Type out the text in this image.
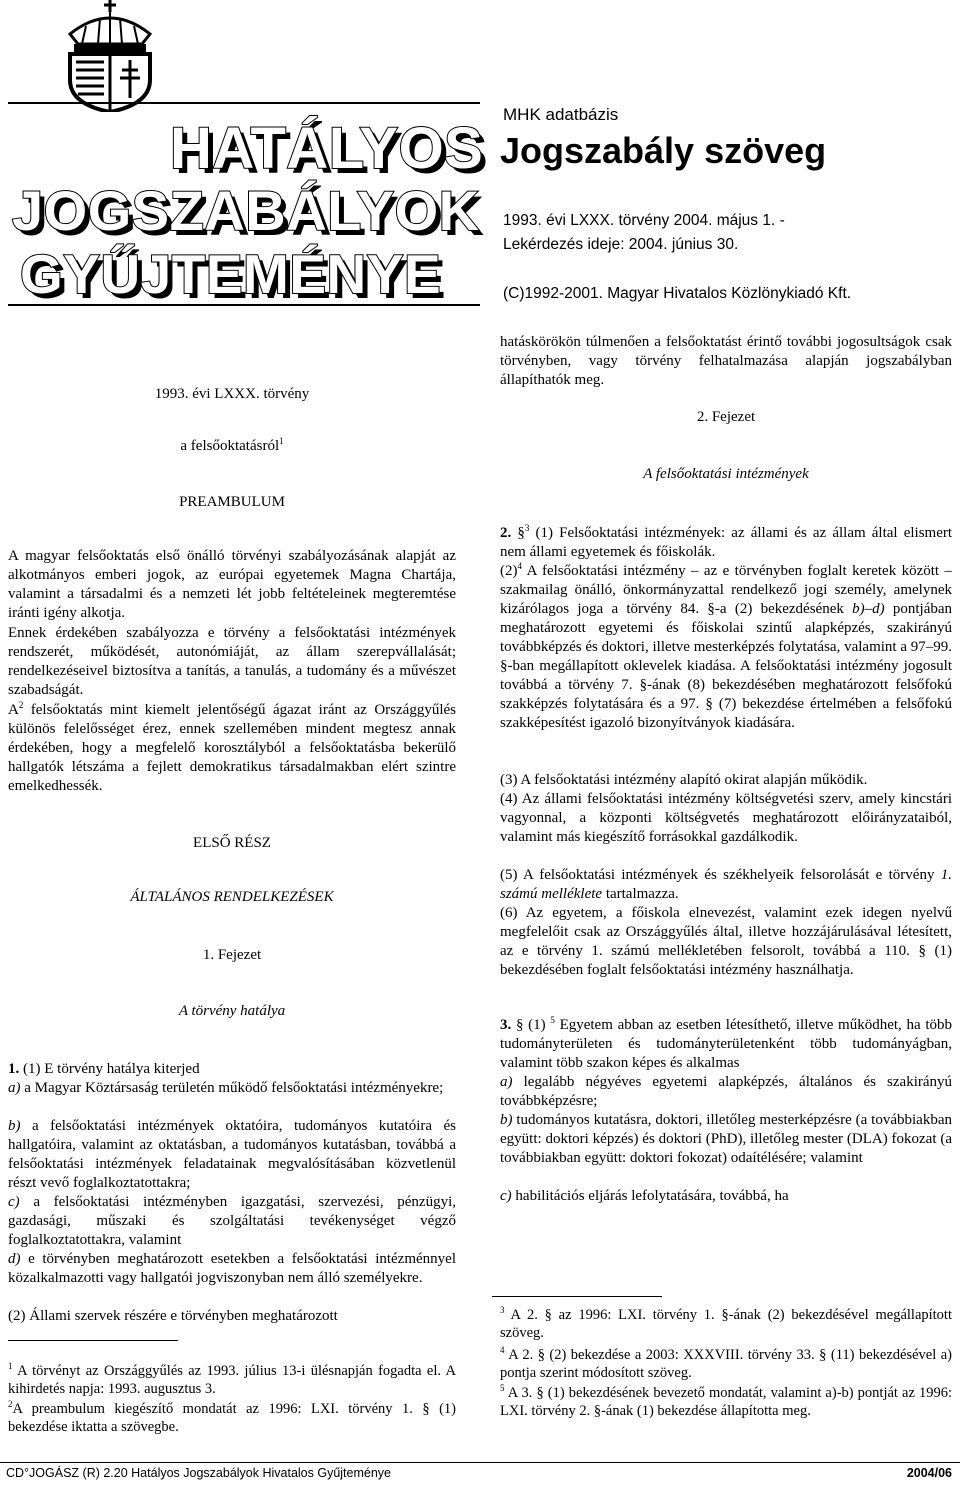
HATÁLYOS
JOGSZABÁLYOK
GYŰJTEMÉNYE
MHK adatbázis
Jogszabály szöveg
1993. évi LXXX. törvény 2004. május 1. -
Lekérdezés ideje: 2004. június 30.
(C)1992-2001. Magyar Hivatalos Közlönykiadó Kft.
1993. évi LXXX. törvény
a felsőoktatásról$^1$
PREAMBULUM
A magyar felsőoktatás első önálló törvényi szabályozásának alapját az alkotmányos emberi jogok, az európai egyetemek Magna Chartája, valamint a társadalmi és a nemzeti lét jobb feltételeinek megteremtése iránti igény alkotja.
Ennek érdekében szabályozza e törvény a felsőoktatási intézmények rendszerét, működését, autonómiáját, az állam szerepvállalását; rendelkezéseivel biztosítva a tanítás, a tanulás, a tudomány és a művészet szabadságát.
$A^2$ felsőoktatás mint kiemelt jelentőségű ágazat iránt az Országgyűlés különös felelősséget érez, ennek szellemében mindent megtesz annak érdekében, hogy a megfelelő korosztályból a felsőoktatásba bekerülő hallgatók létszáma a fejlett demokratikus társadalmakban elért szintre emelkedhessék.
ELSŐ RÉSZ
ÁLTALÁNOS RENDELKEZÉSEK
1. Fejezet
A törvény hatálya
1. (1) E törvény hatálya kiterjed
a) a Magyar Köztársaság területén működő felsőoktatási intézményekre;
b) a felsőoktatási intézmények oktatóira, tudományos kutatóira és hallgatóira, valamint az oktatásban, a tudományos kutatásban, továbbá a felsőoktatási intézmények feladatainak megvalósításában közvetlenül részt vevő foglalkoztatottakra;
c) a felsőoktatási intézményben igazgatási, szervezési, pénzügyi, gazdasági, műszaki és szolgáltatási tevékenységet végző foglalkoztatottakra, valamint
d) e törvényben meghatározott esetekben a felsőoktatási intézménnyel közalkalmazotti vagy hallgatói jogviszonyban nem álló személyekre.
(2) Állami szervek részére e törvényben meghatározott
$^1$ A törvényt az Országgyűlés az 1993. július 13-i ülésnapján fogadta el. A kihirdetés napja: 1993. augusztus 3.
$^2$A preambulum kiegészítő mondatát az 1996: LXI. törvény 1. § (1) bekezdése iktatta a szövegbe.
hatáskörökön túlmenően a felsőoktatást érintő további jogosultságok csak törvényben, vagy törvény felhatalmazása alapján jogszabályban állapíthatók meg.
2. Fejezet
A felsőoktatási intézmények
2. §$^3$ (1) Felsőoktatási intézmények: az állami és az állam által elismert nem állami egyetemek és főiskolák.
$(2)^4$ A felsőoktatási intézmény – az e törvényben foglalt keretek között – szakmailag önálló, önkormányzattal rendelkező jogi személy, amelynek kizárólagos joga a törvény 84. §-a (2) bekezdésének b)–d) pontjában meghatározott egyetemi és főiskolai szintű alapképzés, szakirányú továbbképzés és doktori, illetve mesterképzés folytatása, valamint a 97–99. §-ban megállapított oklevelek kiadása. A felsőoktatási intézmény jogosult továbbá a törvény 7. §-ának (8) bekezdésében meghatározott felsőfokú szakképzés folytatására és a 97. § (7) bekezdése értelmében a felsőfokú szakképesítést igazoló bizonyítványok kiadására.
(3) A felsőoktatási intézmény alapító okirat alapján működik.
(4) Az állami felsőoktatási intézmény költségvetési szerv, amely kincstári vagyonnal, a központi költségvetés meghatározott előirányzataiból, valamint más kiegészítő forrásokkal gazdálkodik.
(5) A felsőoktatási intézmények és székhelyeik felsorolását e törvény 1. számú melléklete tartalmazza.
(6) Az egyetem, a főiskola elnevezést, valamint ezek idegen nyelvű megfelelőit csak az Országgyűlés által, illetve hozzájárulásával létesített, az e törvény 1. számú mellékletében felsorolt, továbbá a 110. § (1) bekezdésében foglalt felsőoktatási intézmény használhatja.
3. § (1) $^5$ Egyetem abban az esetben létesíthető, illetve működhet, ha több tudományterületen és tudományterületenként több tudományágban, valamint több szakon képes és alkalmas
a) legalább négyéves egyetemi alapképzés, általános és szakirányú továbbképzésre;
b) tudományos kutatásra, doktori, illetőleg mesterképzésre (a továbbiakban együtt: doktori képzés) és doktori (PhD), illetőleg mester (DLA) fokozat (a továbbiakban együtt: doktori fokozat) odaítélésére; valamint
c) habilitációs eljárás lefolytatására, továbbá, ha
$^3$ A 2. § az 1996: LXI. törvény 1. §-ának (2) bekezdésével megállapított szöveg.
$^4$ A 2. § (2) bekezdése a 2003: XXXVIII. törvény 33. § (11) bekezdésével a) pontja szerint módosított szöveg.
$^5$ A 3. § (1) bekezdésének bevezető mondatát, valamint a)-b) pontját az 1996: LXI. törvény 2. §-ának (1) bekezdése állapította meg.
CD°JOGÁSZ (R) 2.20 Hatályos Jogszabályok Hivatalos Gyűjteménye	2004/06
